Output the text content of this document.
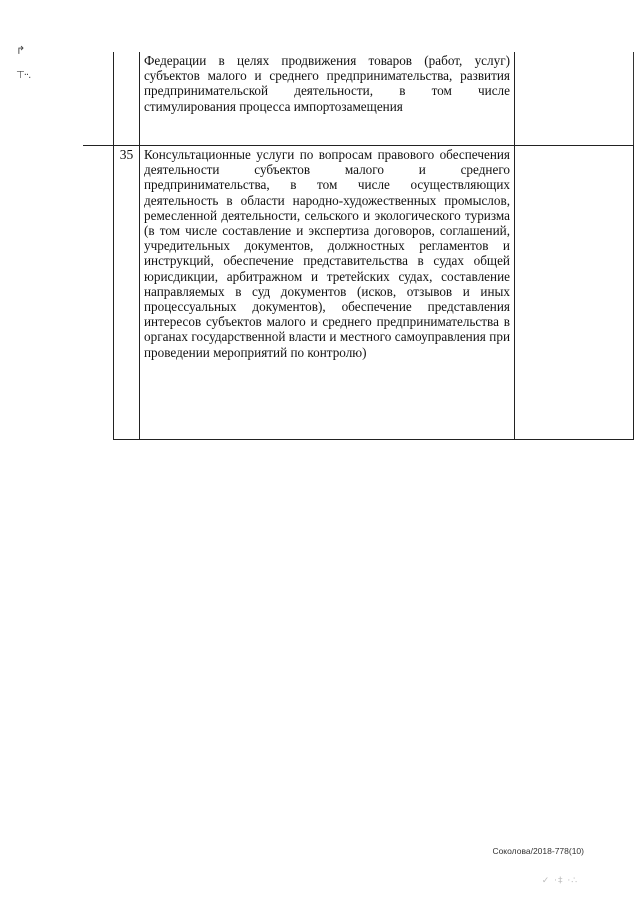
↱
⊤··.

		Федерации в целях продвижения товаров (работ, услуг) субъектов малого и среднего предпринимательства, развития предпринимательской деятельности, в том числе стимулирования процесса импортозамещения	

	35	Консультационные услуги по вопросам правового обеспечения деятельности субъектов малого и среднего предпринимательства, в том числе осуществляющих деятельность в области народно-художественных промыслов, ремесленной деятельности, сельского и экологического туризма (в том числе составление и экспертиза договоров, соглашений, учредительных документов, должностных регламентов и инструкций, обеспечение представительства в судах общей юрисдикции, арбитражном и третейских судах, составление направляемых в суд документов (исков, отзывов и иных процессуальных документов), обеспечение представления интересов субъектов малого и среднего предпринимательства в органах государственной власти и местного самоуправления при проведении мероприятий по контролю)	

Соколова/2018-778(10)
✓ ·‡ ·∴
